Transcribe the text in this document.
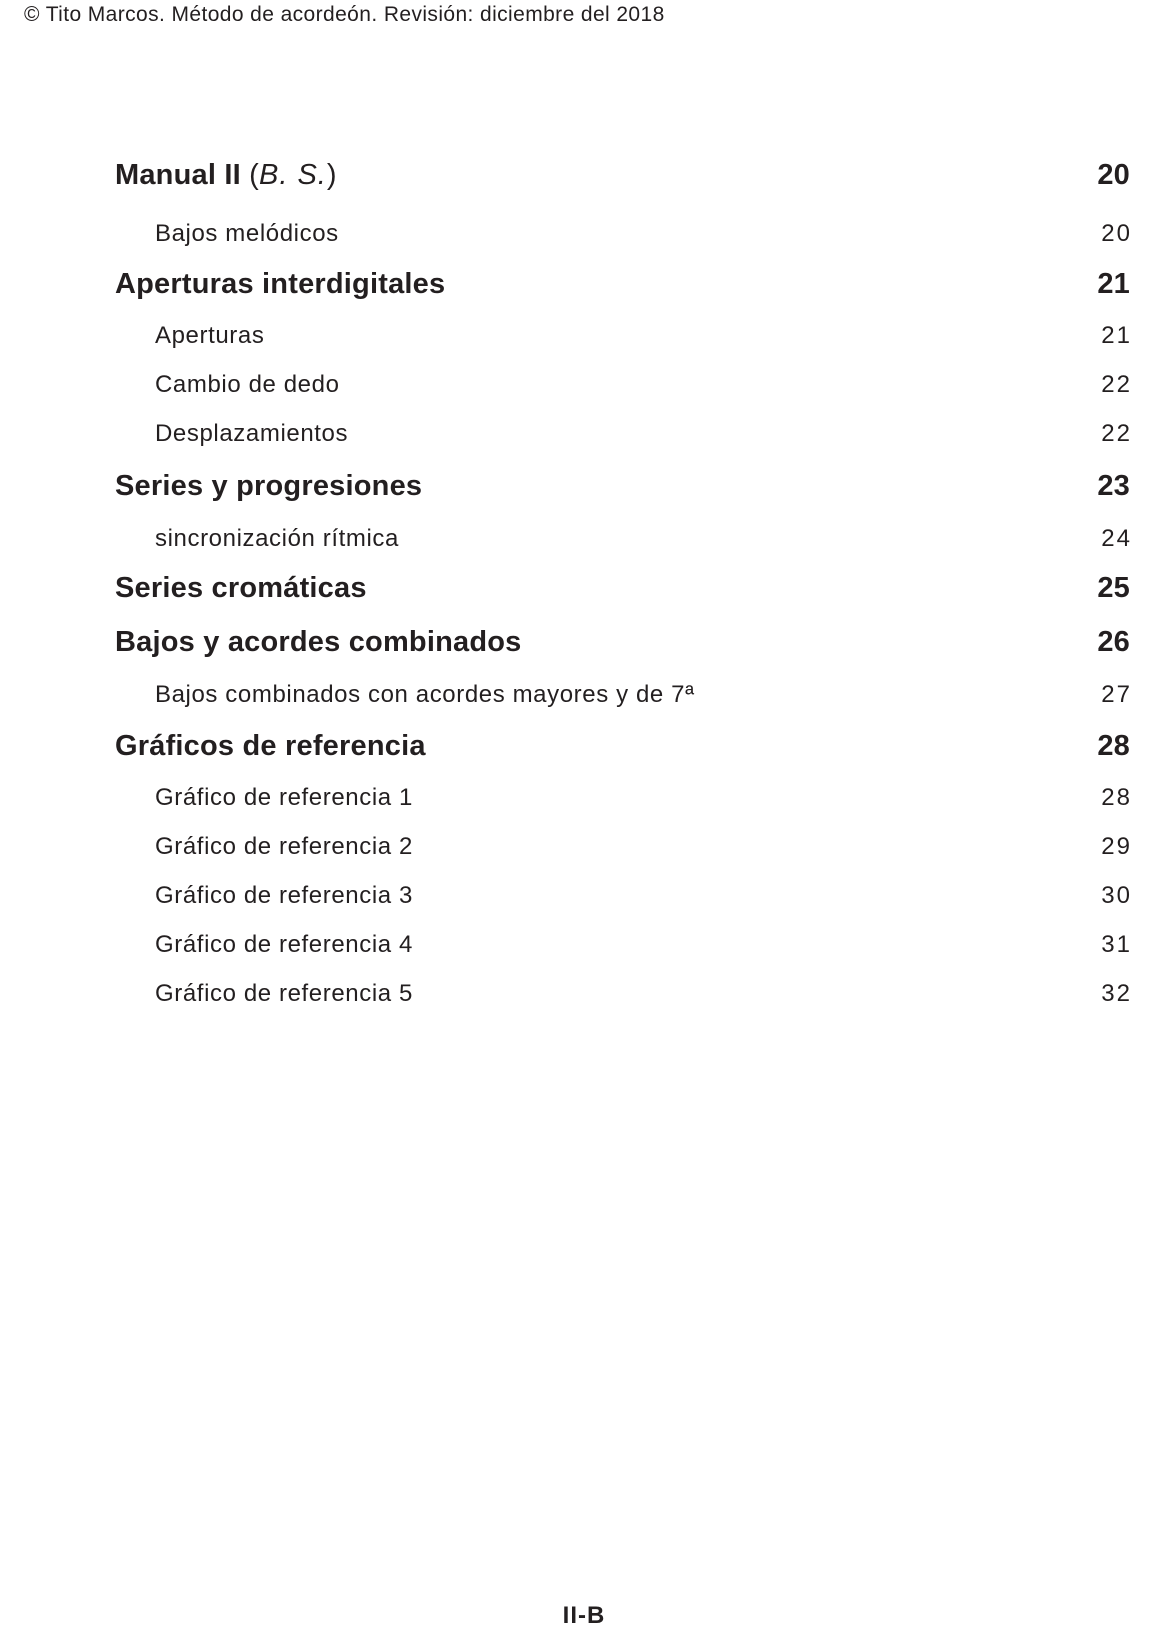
© Tito Marcos. Método de acordeón. Revisión: diciembre del 2018
Manual II (B. S.)	20
Bajos melódicos	20
Aperturas interdigitales	21
Aperturas	21
Cambio de dedo	22
Desplazamientos	22
Series y progresiones	23
sincronización rítmica	24
Series cromáticas	25
Bajos y acordes combinados	26
Bajos combinados con acordes mayores y de 7ª	27
Gráficos de referencia	28
Gráfico de referencia 1	28
Gráfico de referencia 2	29
Gráfico de referencia 3	30
Gráfico de referencia 4	31
Gráfico de referencia 5	32
II-B
